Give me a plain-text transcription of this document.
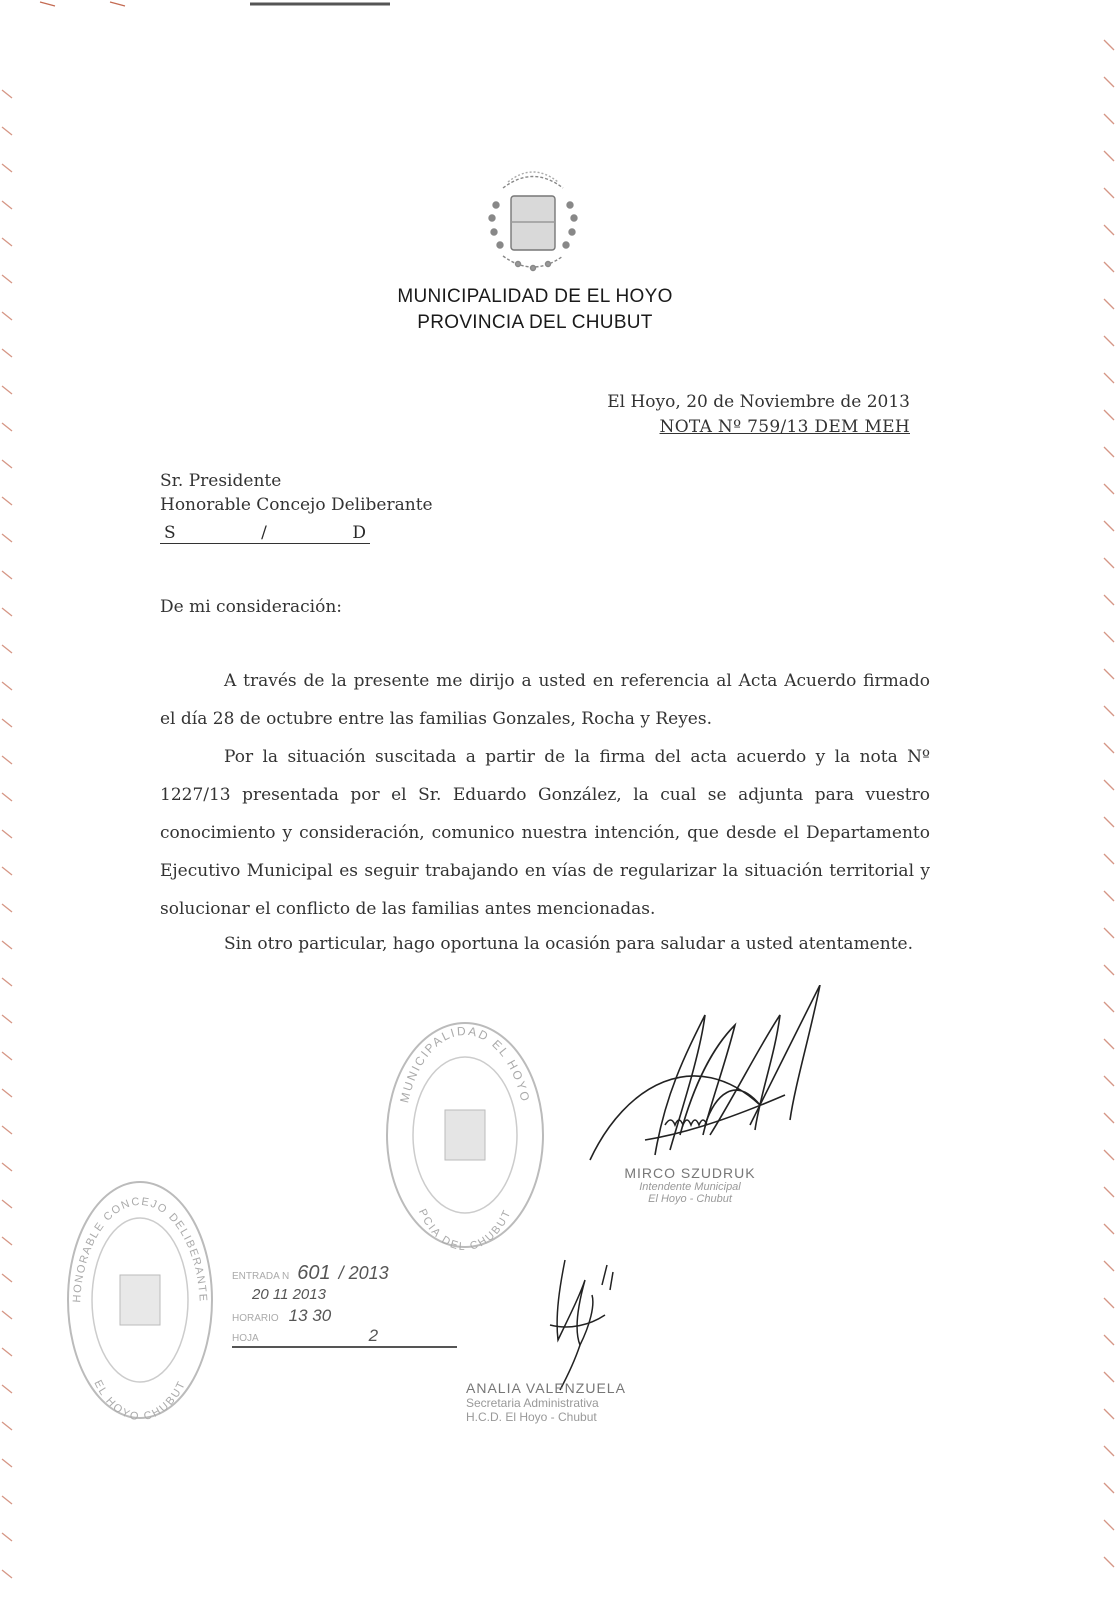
MUNICIPALIDAD DE EL HOYO
PROVINCIA DEL CHUBUT
El Hoyo, 20 de Noviembre de 2013
NOTA Nº 759/13 DEM MEH
Sr. Presidente
Honorable Concejo Deliberante
S	/	D
De mi consideración:

A través de la presente me dirijo a usted en referencia al Acta Acuerdo firmado el día 28 de octubre entre las familias Gonzales, Rocha y Reyes.

Por la situación suscitada a partir de la firma del acta acuerdo y la nota Nº 1227/13 presentada por el Sr. Eduardo González, la cual se adjunta para vuestro conocimiento y consideración, comunico nuestra intención, que desde el Departamento Ejecutivo Municipal es seguir trabajando en vías de regularizar la situación territorial y solucionar el conflicto de las familias antes mencionadas.

Sin otro particular, hago oportuna la ocasión para saludar a usted atentamente.

MUNICIPALIDAD EL HOYO
PCIA DEL CHUBUT
HONORABLE CONCEJO DELIBERANTE
EL HOYO CHUBUT
ENTRADA N 601 / 2013
20 11 2013
HORARIO 13 30
HOJA	2
MIRCO SZUDRUK
Intendente Municipal
El Hoyo - Chubut
ANALIA VALENZUELA
Secretaria Administrativa
H.C.D. El Hoyo - Chubut
